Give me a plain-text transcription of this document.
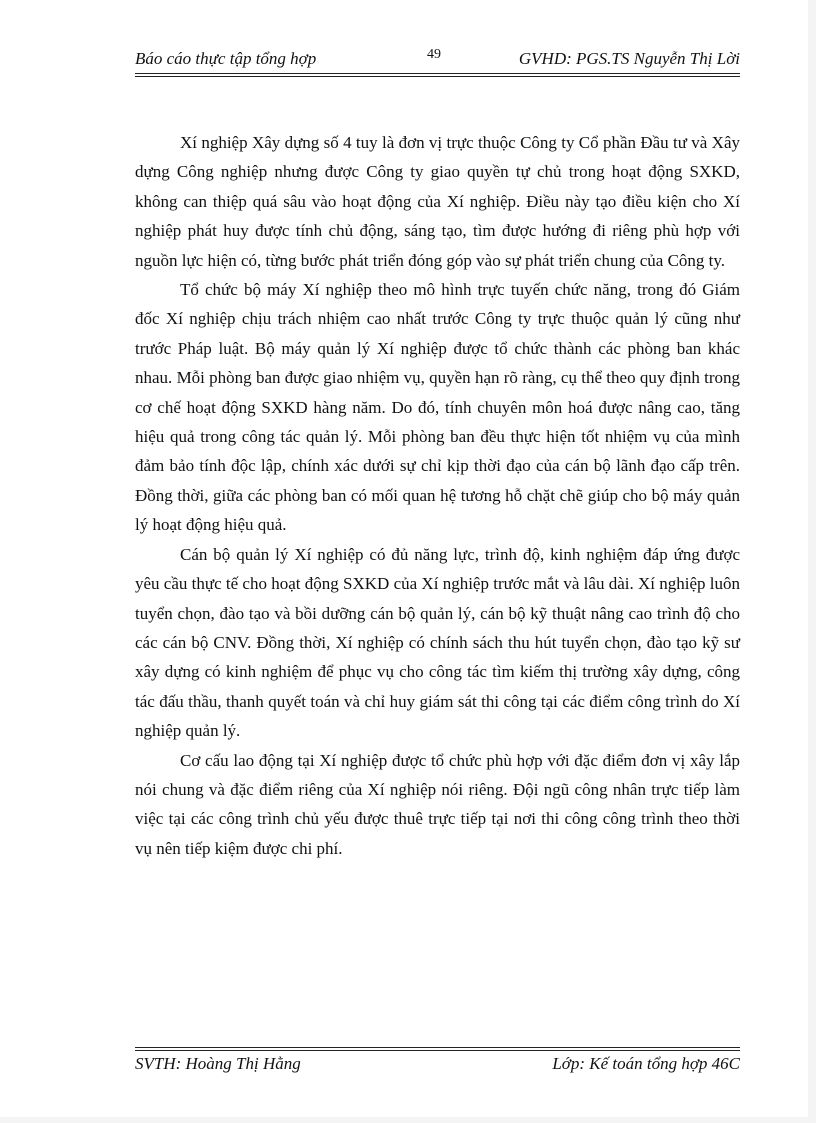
Báo cáo thực tập tổng hợp	49	GVHD: PGS.TS Nguyễn Thị Lời

Xí nghiệp Xây dựng số 4 tuy là đơn vị trực thuộc Công ty Cổ phần Đầu tư và Xây dựng Công nghiệp nhưng được Công ty giao quyền tự chủ trong hoạt động SXKD, không can thiệp quá sâu vào hoạt động của Xí nghiệp. Điều này tạo điều kiện cho Xí nghiệp phát huy được tính chủ động, sáng tạo, tìm được hướng đi riêng phù hợp với nguồn lực hiện có, từng bước phát triển đóng góp vào sự phát triển chung của Công ty.

Tổ chức bộ máy Xí nghiệp theo mô hình trực tuyến chức năng, trong đó Giám đốc Xí nghiệp chịu trách nhiệm cao nhất trước Công ty trực thuộc quản lý cũng như trước Pháp luật. Bộ máy quản lý Xí nghiệp được tổ chức thành các phòng ban khác nhau. Mỗi phòng ban được giao nhiệm vụ, quyền hạn rõ ràng, cụ thể theo quy định trong cơ chế hoạt động SXKD hàng năm. Do đó, tính chuyên môn hoá được nâng cao, tăng hiệu quả trong công tác quản lý. Mỗi phòng ban đều thực hiện tốt nhiệm vụ của mình đảm bảo tính độc lập, chính xác dưới sự chỉ kịp thời đạo của cán bộ lãnh đạo cấp trên. Đồng thời, giữa các phòng ban có mối quan hệ tương hỗ chặt chẽ giúp cho bộ máy quản lý hoạt động hiệu quả.

Cán bộ quản lý Xí nghiệp có đủ năng lực, trình độ, kinh nghiệm đáp ứng được yêu cầu thực tế cho hoạt động SXKD của Xí nghiệp trước mắt và lâu dài. Xí nghiệp luôn tuyển chọn, đào tạo và bồi dưỡng cán bộ quản lý, cán bộ kỹ thuật nâng cao trình độ cho các cán bộ CNV. Đồng thời, Xí nghiệp có chính sách thu hút tuyển chọn, đào tạo kỹ sư xây dựng có kinh nghiệm để phục vụ cho công tác tìm kiếm thị trường xây dựng, công tác đấu thầu, thanh quyết toán và chỉ huy giám sát thi công tại các điểm công trình do Xí nghiệp quản lý.

Cơ cấu lao động tại Xí nghiệp được tổ chức phù hợp với đặc điểm đơn vị xây lắp nói chung và đặc điểm riêng của Xí nghiệp nói riêng. Đội ngũ công nhân trực tiếp làm việc tại các công trình chủ yếu được thuê trực tiếp tại nơi thi công công trình theo thời vụ nên tiếp kiệm được chi phí.

SVTH: Hoàng Thị Hằng	Lớp: Kế toán tổng hợp 46C
